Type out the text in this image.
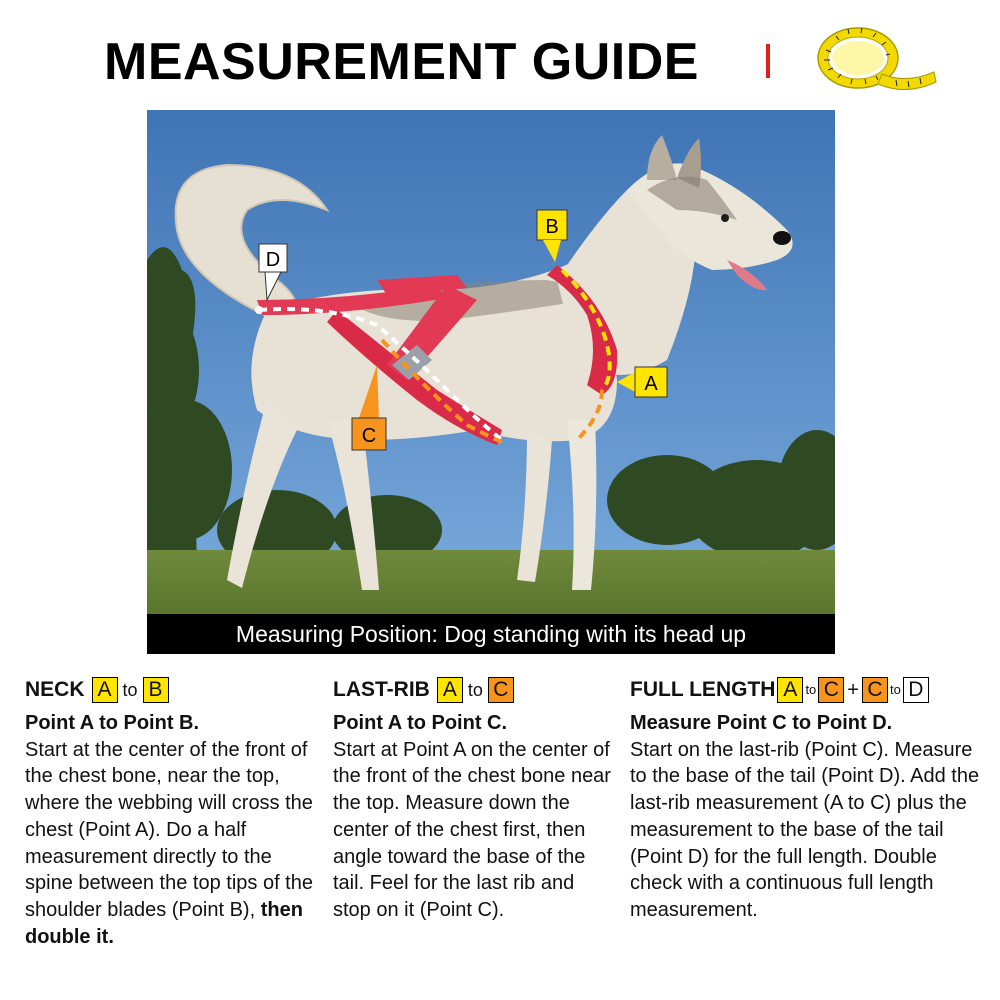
MEASUREMENT GUIDE
D
B
A
C
Measuring Position: Dog standing with its head up
NECK A to B
Point A to Point B.
Start at the center of the front of the chest bone, near the top, where the webbing will cross the chest (Point A). Do a half measurement directly to the spine between the top tips of the shoulder blades (Point B), then double it.
LAST-RIB A to C
Point A to Point C.
Start at Point A on the center of the front of the chest bone near the top. Measure down the center of the chest first, then angle toward the base of the tail. Feel for the last rib and stop on it (Point C).
FULL LENGTH A to C + C to D
Measure Point C to Point D.
Start on the last-rib (Point C). Measure to the base of the tail (Point D). Add the last-rib measurement (A to C) plus the measurement to the base of the tail (Point D) for the full length. Double check with a continuous full length measurement.
